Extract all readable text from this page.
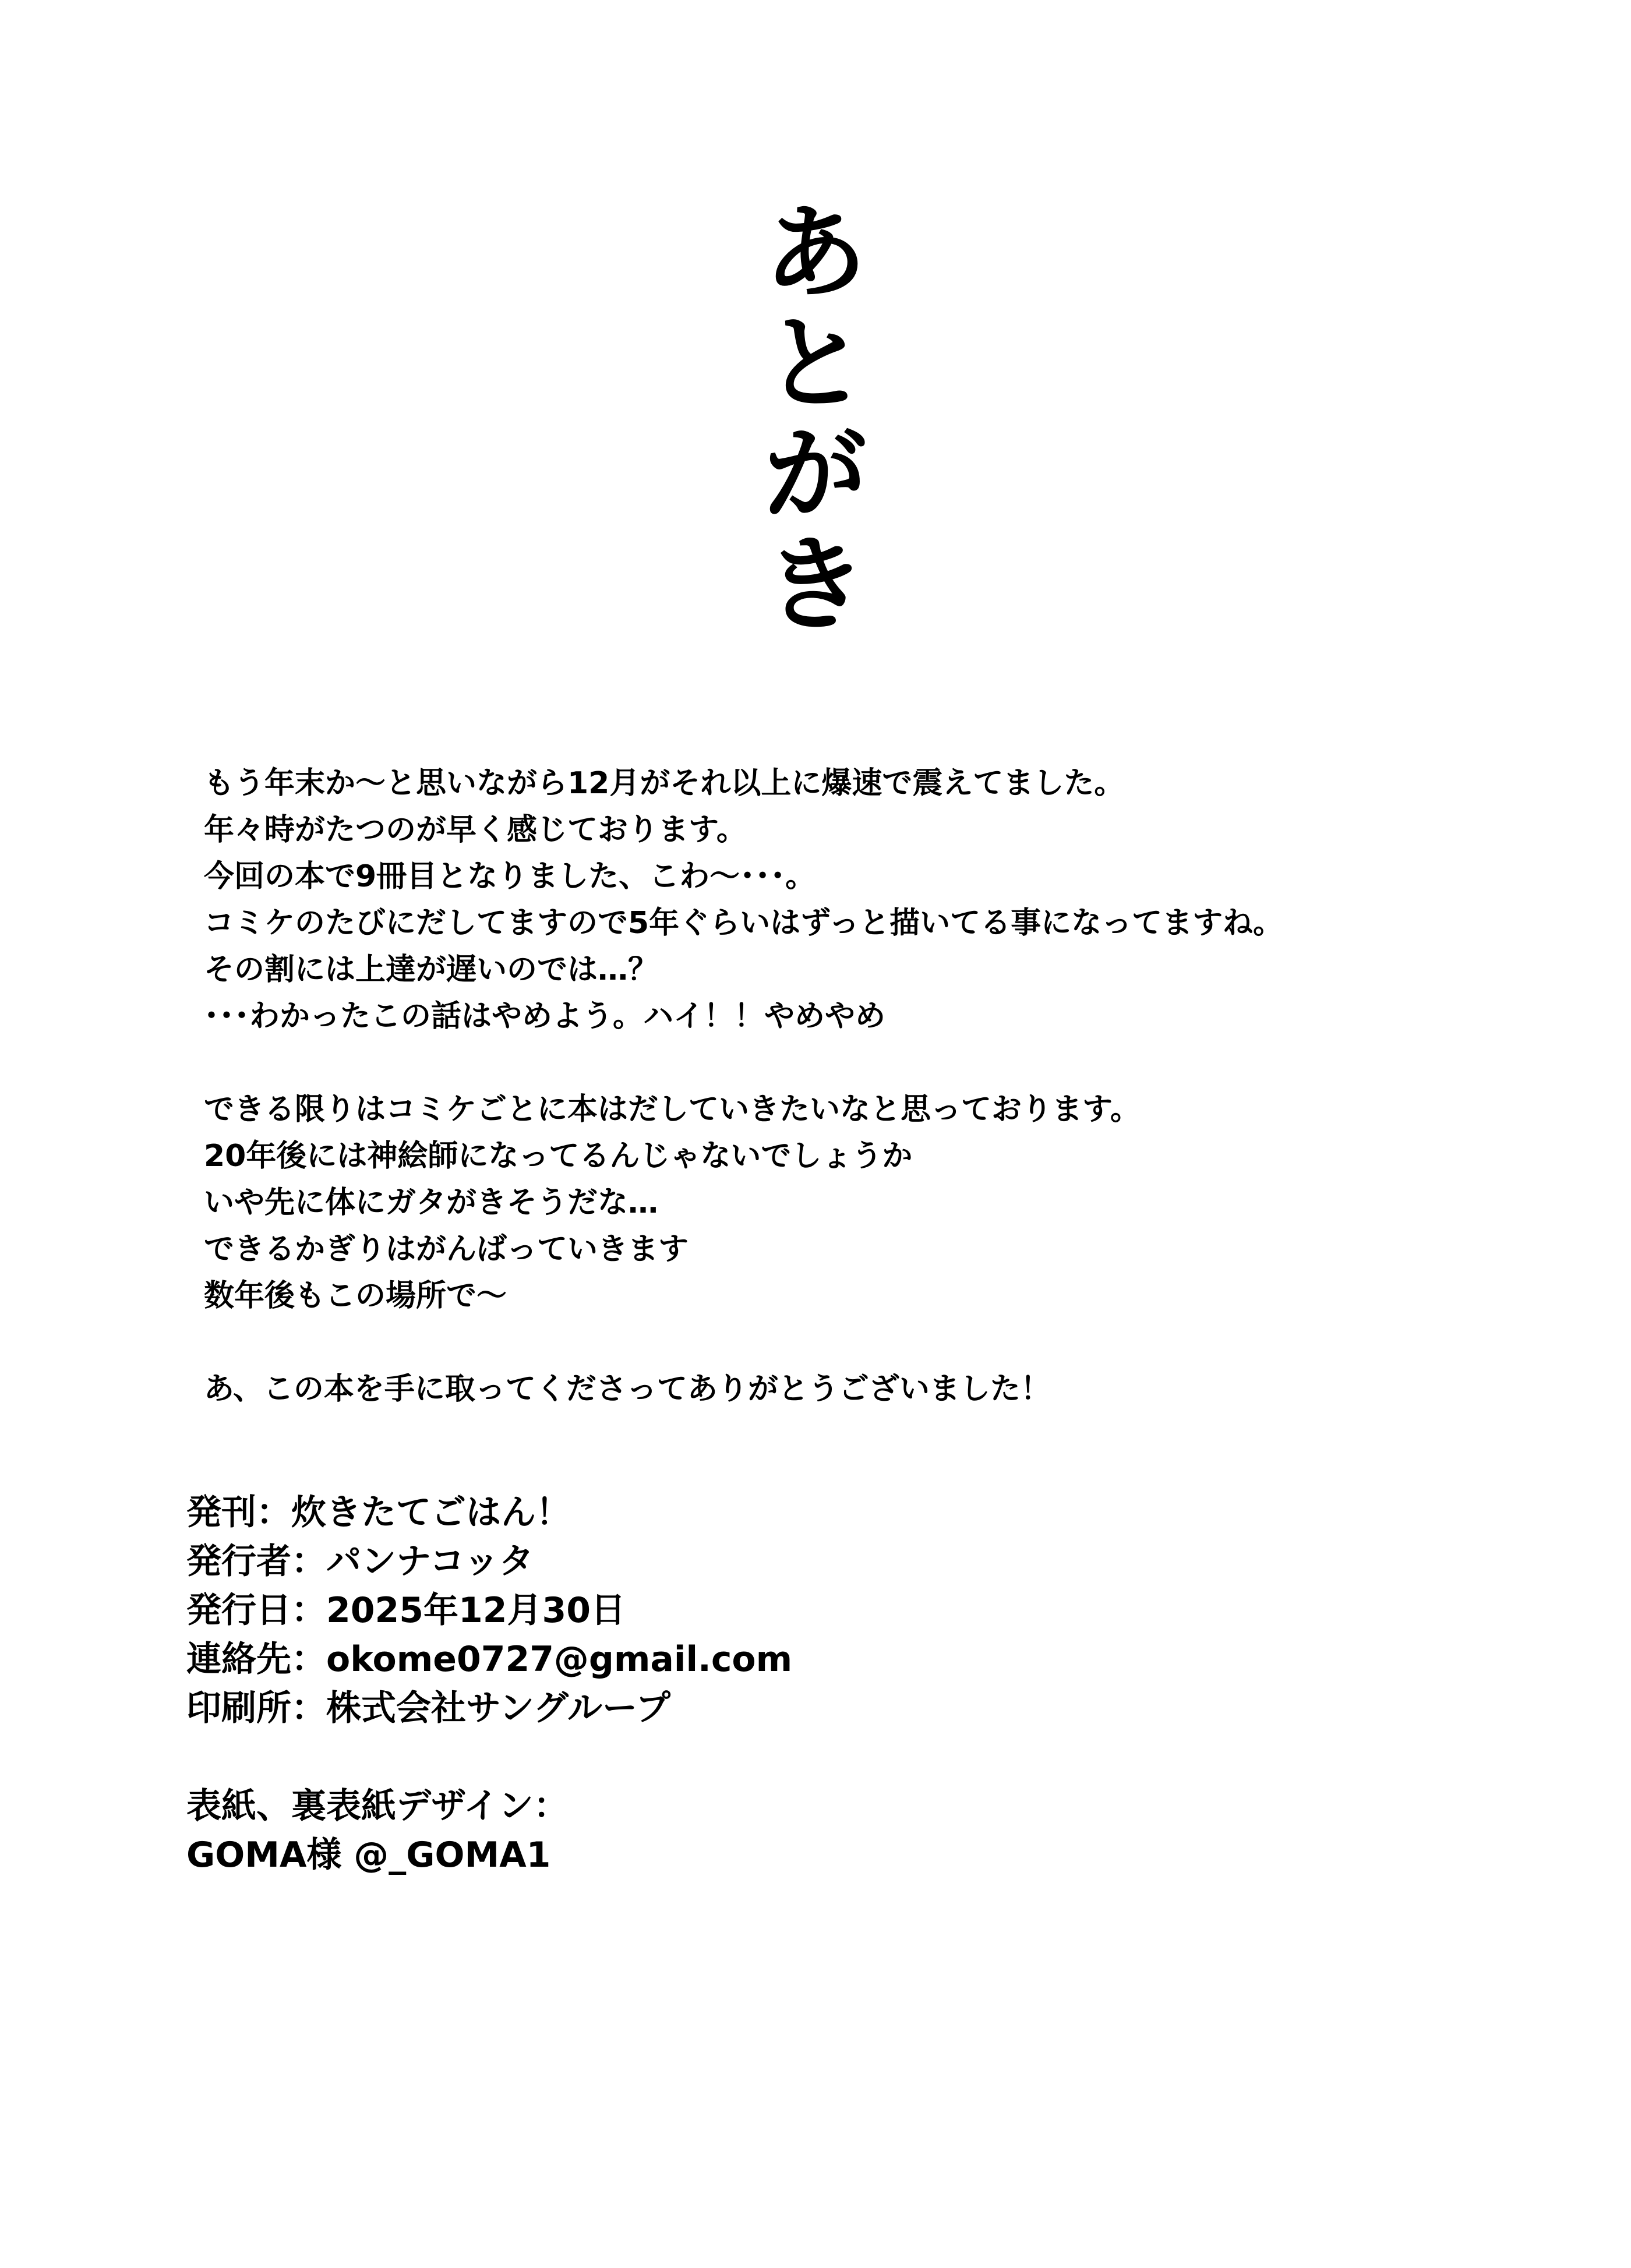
あ
と
が
き
もう年末か〜と思いながら12月がそれ以上に爆速で震えてました。
年々時がたつのが早く感じております。
今回の本で9冊目となりました、こわ〜･･･。
コミケのたびにだしてますので5年ぐらいはずっと描いてる事になってますね。
その割には上達が遅いのでは…？
･･･わかったこの話はやめよう。ハイ！！やめやめ
できる限りはコミケごとに本はだしていきたいなと思っております。
20年後には神絵師になってるんじゃないでしょうか
いや先に体にガタがきそうだな…
できるかぎりはがんばっていきます
数年後もこの場所で〜
あ、この本を手に取ってくださってありがとうございました！
発刊：炊きたてごはん！
発行者：パンナコッタ
発行日：2025年12月30日
連絡先：okome0727@gmail.com
印刷所：株式会社サングループ
表紙、裏表紙デザイン：
GOMA様 @_GOMA1
